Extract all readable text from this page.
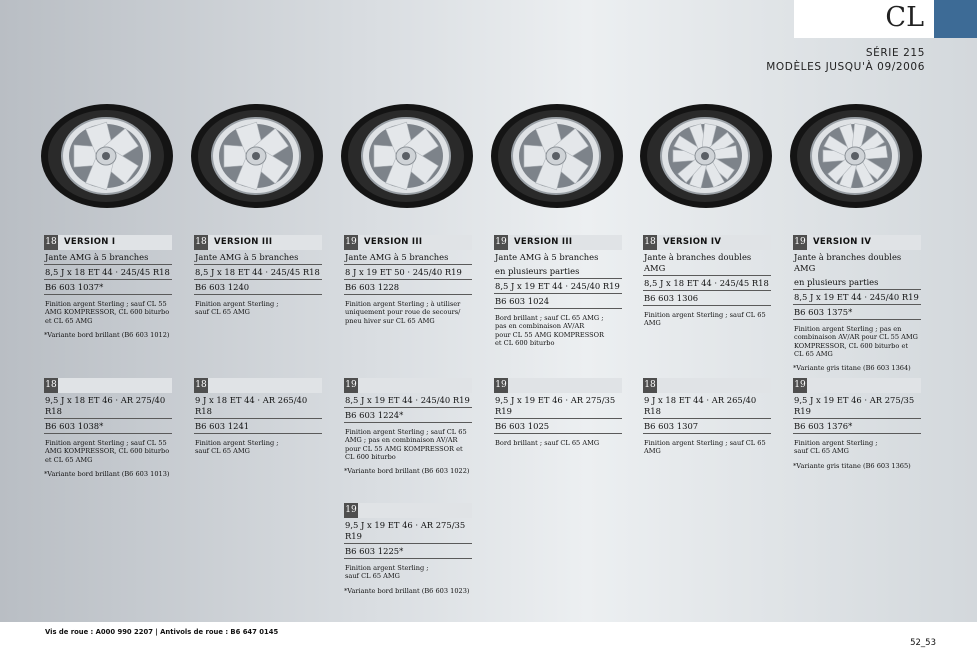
CL
SÉRIE 215
MODÈLES JUSQU'À 09/2006
18 VERSION I
Jante AMG à 5 branches
8,5 J x 18 ET 44 · 245/45 R18
B6 603 1037*
Finition argent Sterling ; sauf CL 55
AMG KOMPRESSOR, CL 600 biturbo
et CL 65 AMG
*Variante bord brillant (B6 603 1012)
18
9,5 J x 18 ET 46 · AR 275/40 R18
B6 603 1038*
Finition argent Sterling ; sauf CL 55
AMG KOMPRESSOR, CL 600 biturbo
et CL 65 AMG
*Variante bord brillant (B6 603 1013)
18 VERSION III
Jante AMG à 5 branches
8,5 J x 18 ET 44 · 245/45 R18
B6 603 1240
Finition argent Sterling ;
sauf CL 65 AMG
18
9 J x 18 ET 44 · AR 265/40 R18
B6 603 1241
Finition argent Sterling ;
sauf CL 65 AMG
19 VERSION III
Jante AMG à 5 branches
8 J x 19 ET 50 · 245/40 R19
B6 603 1228
Finition argent Sterling ; à utiliser
uniquement pour roue de secours/
pneu hiver sur CL 65 AMG
19
8,5 J x 19 ET 44 · 245/40 R19
B6 603 1224*
Finition argent Sterling ; sauf CL 65
AMG ; pas en combinaison AV/AR
pour CL 55 AMG KOMPRESSOR et
CL 600 biturbo
*Variante bord brillant (B6 603 1022)
19
9,5 J x 19 ET 46 · AR 275/35 R19
B6 603 1225*
Finition argent Sterling ;
sauf CL 65 AMG
*Variante bord brillant (B6 603 1023)
19 VERSION III
Jante AMG à 5 branches
en plusieurs parties
8,5 J x 19 ET 44 · 245/40 R19
B6 603 1024
Bord brillant ; sauf CL 65 AMG ;
pas en combinaison AV/AR
pour CL 55 AMG KOMPRESSOR
et CL 600 biturbo
19
9,5 J x 19 ET 46 · AR 275/35 R19
B6 603 1025
Bord brillant ; sauf CL 65 AMG
18 VERSION IV
Jante à branches doubles AMG
8,5 J x 18 ET 44 · 245/45 R18
B6 603 1306
Finition argent Sterling ; sauf CL 65 AMG
18
9 J x 18 ET 44 · AR 265/40 R18
B6 603 1307
Finition argent Sterling ; sauf CL 65 AMG
19 VERSION IV
Jante à branches doubles AMG
en plusieurs parties
8,5 J x 19 ET 44 · 245/40 R19
B6 603 1375*
Finition argent Sterling ; pas en
combinaison AV/AR pour CL 55 AMG
KOMPRESSOR, CL 600 biturbo et
CL 65 AMG
*Variante gris titane (B6 603 1364)
19
9,5 J x 19 ET 46 · AR 275/35 R19
B6 603 1376*
Finition argent Sterling ;
sauf CL 65 AMG
*Variante gris titane (B6 603 1365)
Vis de roue : A000 990 2207 | Antivols de roue : B6 647 0145
52_53
